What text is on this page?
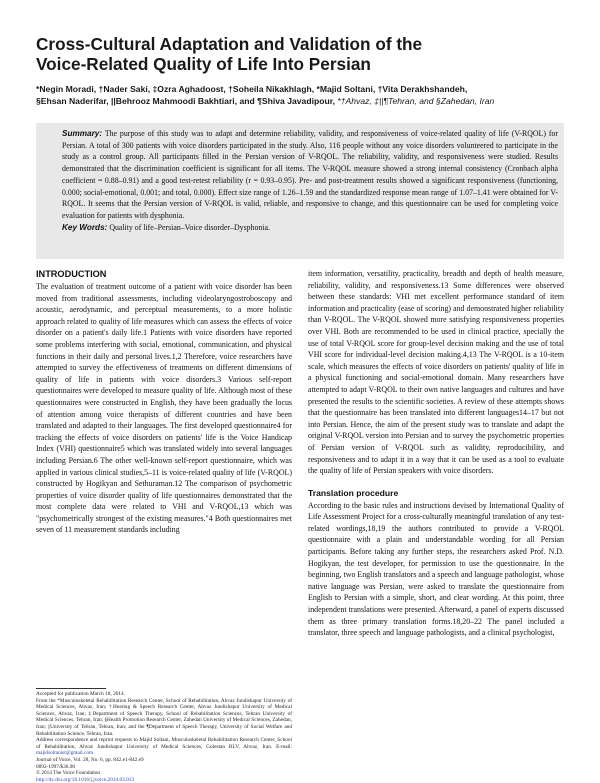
Cross-Cultural Adaptation and Validation of the
Voice-Related Quality of Life Into Persian
*Negin Moradi, †Nader Saki, ‡Ozra Aghadoost, †Soheila Nikakhlagh, *Majid Soltani, †Vita Derakhshandeh,
§Ehsan Naderifar, ||Behrooz Mahmoodi Bakhtiari, and ¶Shiva Javadipour, *†Ahvaz, ‡||¶Tehran, and §Zahedan, Iran
Summary: The purpose of this study was to adapt and determine reliability, validity, and responsiveness of voice-related quality of life (V-RQOL) for Persian. A total of 300 patients with voice disorders participated in the study. Also, 116 people without any voice disorders volunteered to participate in the study as a control group. All participants filled in the Persian version of V-RQOL. The reliability, validity, and responsiveness were studied. Results demonstrated that the discrimination coefficient is significant for all items. The V-RQOL measure showed a strong internal consistency (Cronbach alpha coefficient = 0.88–0.91) and a good test-retest reliability (r = 0.93–0.95). Pre- and post-treatment results showed a significant responsiveness (functioning, 0.000; social-emotional, 0.001; and total, 0.000). Effect size range of 1.26–1.59 and the standardized response mean range of 1.07–1.41 were obtained for V-RQOL. It seems that the Persian version of V-RQOL is valid, reliable, and responsive to change, and this questionnaire can be used for completing voice evaluation for patients with dysphonia.
Key Words: Quality of life–Persian–Voice disorder–Dysphonia.
INTRODUCTION

The evaluation of treatment outcome of a patient with voice disorder has been moved from traditional assessments, including videolaryngostroboscopy and acoustic, aerodynamic, and perceptual measurements, to a more holistic approach related to quality of life measures which can assess the effects of voice disorder on a patient's daily life.1 Patients with voice disorders have reported some problems interfering with social, emotional, communication, and physical functions in their daily and personal lives.1,2 Therefore, voice researchers have attempted to survey the effectiveness of treatments on different dimensions of quality of life in patients with voice disorders.3 Various self-report questionnaires were developed to measure quality of life. Although most of these questionnaires were constructed in English, they have been gradually the locus of attention among voice therapists of different countries and have been translated and adapted to their languages. The first developed questionnaire4 for tracking the effects of voice disorders on patients' life is the Voice Handicap Index (VHI) questionnaire5 which was translated widely into several languages including Persian.6 The other well-known self-report questionnaire, which was applied in various clinical studies,5–11 is voice-related quality of life (V-RQOL) constructed by Hogikyan and Sethuraman.12 The comparison of psychometric properties of voice disorder quality of life questionnaires demonstrated that the most complete data were related to VHI and V-RQOL,13 which was "psychometrically strongest of the existing measures."4 Both questionnaires met seven of 11 measurement standards including

Accepted for publication March 18, 2014.

From the *Musculoskeletal Rehabilitation Research Center, School of Rehabilitation, Ahvaz Jundishapur University of Medical Sciences, Ahvaz, Iran; †Hearing & Speech Research Center, Ahvaz Jundishapur University of Medical Sciences, Ahvaz, Iran; ‡Department of Speech Therapy, School of Rehabilitation Sciences, Tehran University of Medical Sciences, Tehran, Iran; §Health Promotion Research Center, Zahedan University of Medical Sciences, Zahedan, Iran; ||University of Tehran, Tehran, Iran; and the ¶Department of Speech Therapy, University of Social Welfare and Rehabilitation Science, Tehran, Iran.

Address correspondence and reprint requests to Majid Soltani, Musculoskeletal Rehabilitation Research Center, School of Rehabilitation, Ahvaz Jundishapur University of Medical Sciences, Golestan BLV, Ahvaz, Iran. E-mail: majidsoltanist@gmail.com

Journal of Voice, Vol. 28, No. 6, pp. 842.e1-842.e9

0892-1997/$36.00

© 2014 The Voice Foundation

http://dx.doi.org/10.1016/j.jvoice.2014.03.013

item information, versatility, practicality, breadth and depth of health measure, reliability, validity, and responsiveness.13 Some differences were observed between these standards: VHI met excellent performance standard of item information and practicality (ease of scoring) and demonstrated higher reliability than V-RQOL. The V-RQOL showed more satisfying responsiveness properties over VHI. Both are recommended to be used in clinical practice, specially the use of total V-RQOL score for group-level decision making and the use of total VHI score for individual-level decision making.4,13 The V-RQOL is a 10-item scale, which measures the effects of voice disorders on patients' quality of life in a physical functioning and social-emotional domain. Many researchers have attempted to adapt V-RQOL to their own native languages and cultures and have presented the results to the scientific societies. A review of these attempts shows that the questionnaire has been translated into different languages14–17 but not into Persian. Hence, the aim of the present study was to translate and adapt the original V-RQOL version into Persian and to survey the psychometric properties of Persian version of V-RQOL such as validity, reproducibility, and responsiveness and to adapt it in a way that it can be used as a tool to evaluate the quality of life of Persian speakers with voice disorders.

Translation procedure

According to the basic rules and instructions devised by International Quality of Life Assessment Project for a cross-culturally meaningful translation of any test-related wordings,18,19 the authors contributed to provide a V-RQOL questionnaire with a plain and understandable wording for all Persian participants. Before taking any further steps, the researchers asked Prof. N.D. Hogikyan, the test developer, for permission to use the questionnaire. In the beginning, two English translators and a speech and language pathologist, whose native language was Persian, were asked to translate the questionnaire from English to Persian with a simple, short, and clear wording. At this point, three independent translations were presented. Afterward, a panel of experts discussed them as three primary translation forms.18,20–22 The panel included a translator, three speech and language pathologists, and a clinical psychologist,
